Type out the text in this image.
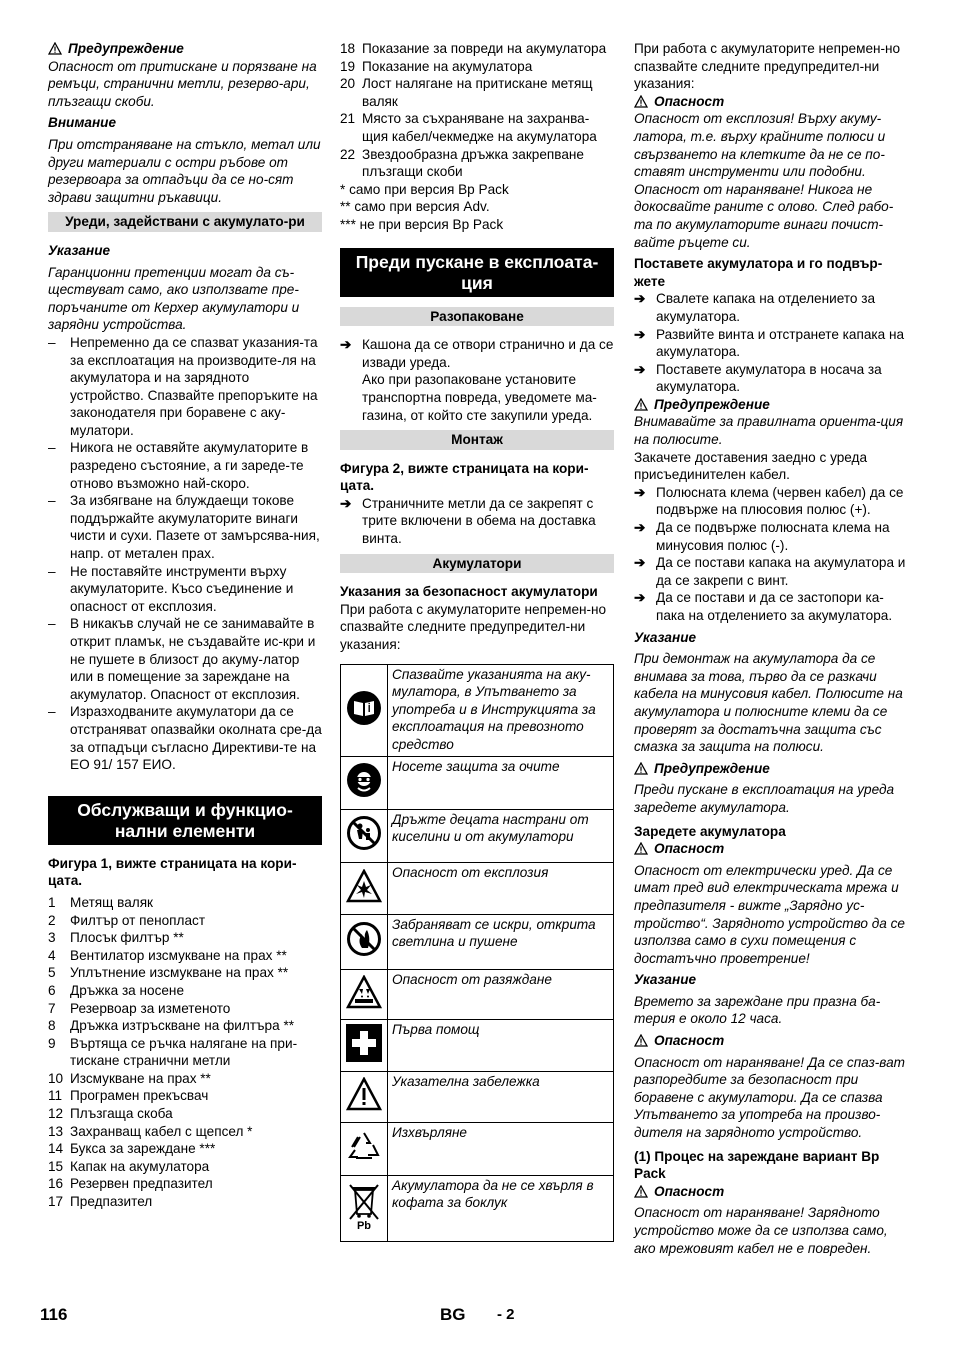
Предупреждение

Опасност от притискане и порязване на ремъци, странични метли, резерво-ари, плъзгащи скоби.

Внимание

При отстраняване на стъкло, метал или други материали с остри ръбове от резервоара за отпадъци да се но-сят здрави защитни ръкавици.

Уреди, задействани с акумулато-ри

Указание

Гаранционни претенции могат да съ-ществуват само, ако използвате пре-поръчаните от Керхер акумулатори и зарядни устройства.

–	Непременно да се спазват указания-та за експлоатация на производите-ля на акумулатора и на зарядното устройство. Спазвайте препоръките на законодателя при боравене с аку-мулатори.
–	Никога не оставяйте акумулаторите в разредено състояние, а ги зареде-те отново възможно най-скоро.
–	За избягване на блуждаещи токове поддържайте акумулаторите винаги чисти и сухи. Пазете от замърсява-ния, напр. от метален прах.
–	Не поставяйте инструменти върху акумулаторите. Късо съединение и опасност от експлозия.
–	В никакъв случай не се занимавайте в открит пламък, не създавайте ис-кри и не пушете в близост до акуму-латор или в помещение за зареждане на акумулатор. Опасност от експлозия.
–	Изразходваните акумулатори да се отстраняват опазвайки околната сре-да за отпадъци съгласно Директиви-те на ЕО 91/ 157 ЕИО.
Обслужващи и функцио-нални елементи

Фигура 1, вижте страницата на кори-цата.

1	Метящ валяк
2	Филтър от пенопласт
3	Плосък филтър **
4	Вентилатор изсмукване на прах **
5	Уплътнение изсмукване на прах **
6	Дръжка за носене
7	Резервоар за изметеното
8	Дръжка изтръскване на филтъра **
9	Въртяща се ръчка налягане на при-тискане странични метли
10 Изсмукване на прах **
11 Програмен прекъсвач
12 Плъзгаща скоба
13 Захранващ кабел с щепсел *
14 Букса за зареждане ***
15 Капак на акумулатора
16 Резервен предпазител
17 Предпазител
18 Показание за повреди на акумулатора
19 Показание на акумулатора
20 Лост налягане на притискане метящ валяк
21 Място за съхраняване на захранва-щия кабел/чекмедже на акумулатора
22 Звездообразна дръжка закрепване плъзгащи скоби

* само при версия Bp Pack

** само при версия Adv.

*** не при версия Bp Pack

Преди пускане в експлоата-ция
Разопаковане
➔ Кашона да се отвори странично и да се извади уреда.

Ако при разопаковане установите транспортна повреда, уведомете ма-газина, от който сте закупили уреда.

Монтаж

Фигура 2, вижте страницата на кори-цата.

➔ Страничните метли да се закрепят с трите включени в обема на доставка винта.
Акумулатори

Указания за безопасност акумулатори

При работа с акумулаторите непремен-но спазвайте следните предупредител-ни указания:

	Спазвайте указанията на аку-мулатора, в Упътването за употреба и в Инструкцията за експлоатация на превозното средство
	Носете защита за очите
	Дръжте децата настрани от киселини и от акумулатори
	Опасност от експлозия
	Забраняват се искри, открита светлина и пушене
	Опасност от разяждане
	Първа помощ
	Указателна забележка
	Изхвърляне

Pb	Акумулатора да не се хвърля в кофата за боклук

При работа с акумулаторите непремен-но спазвайте следните предупредител-ни указания:

Опасност

Опасност от експлозия! Върху акуму-латора, т.е. върху крайните полюси и свързването на клетките да не се по-ставят инструменти или подобни. Опасност от нараняване! Никога не докосвайте раните с олово. След рабо-та по акумулаторите винаги почист-вайте ръцете си.

Поставете акумулатора и го подвър-жете

➔ Свалете капака на отделението за акумулатора.
➔ Развийте винта и отстранете капака на акумулатора.
➔ Поставете акумулатора в носача за акумулатора.
Предупреждение

Внимавайте за правилната ориента-ция на полюсите.

Закачете доставения заедно с уреда присъединителен кабел.

➔ Полюсната клема (червен кабел) да се подвърже на плюсовия полюс (+).
➔ Да се подвърже полюсната клема на минусовия полюс (-).
➔ Да се постави капака на акумулатора и да се закрепи с винт.
➔ Да се постави и да се застопори ка-пака на отделението за акумулатора.

Указание

При демонтаж на акумулатора да се внимава за това, първо да се разкачи кабела на минусовия кабел. Полюсите на акумулатора и полюсните клеми да се проверят за достатъчна защита със смазка за защита на полюси.

Предупреждение

Преди пускане в експлоатация на уреда заредете акумулатора.

Заредете акумулатора

Опасност

Опасност от електрически уред. Да се имат пред вид електрическата мрежа и предпазителя - вижте „Зарядно ус-тройство“. Зарядното устройство да се използва само в сухи помещения с достатъчно проветрение!

Указание

Времето за зареждане при празна ба-терия е около 12 часа.

Опасност

Опасност от нараняване! Да се спаз-ват разпоредбите за безопасност при боравене с акумулатори. Да се спазва Упътването за употреба на произво-дителя на зарядното устройство.

(1) Процес на зареждане вариант Bp Pack

Опасност

Опасност от нараняване! Зарядното устройство може да се използва само, ако мрежовият кабел не е повреден.

116	BG - 2
